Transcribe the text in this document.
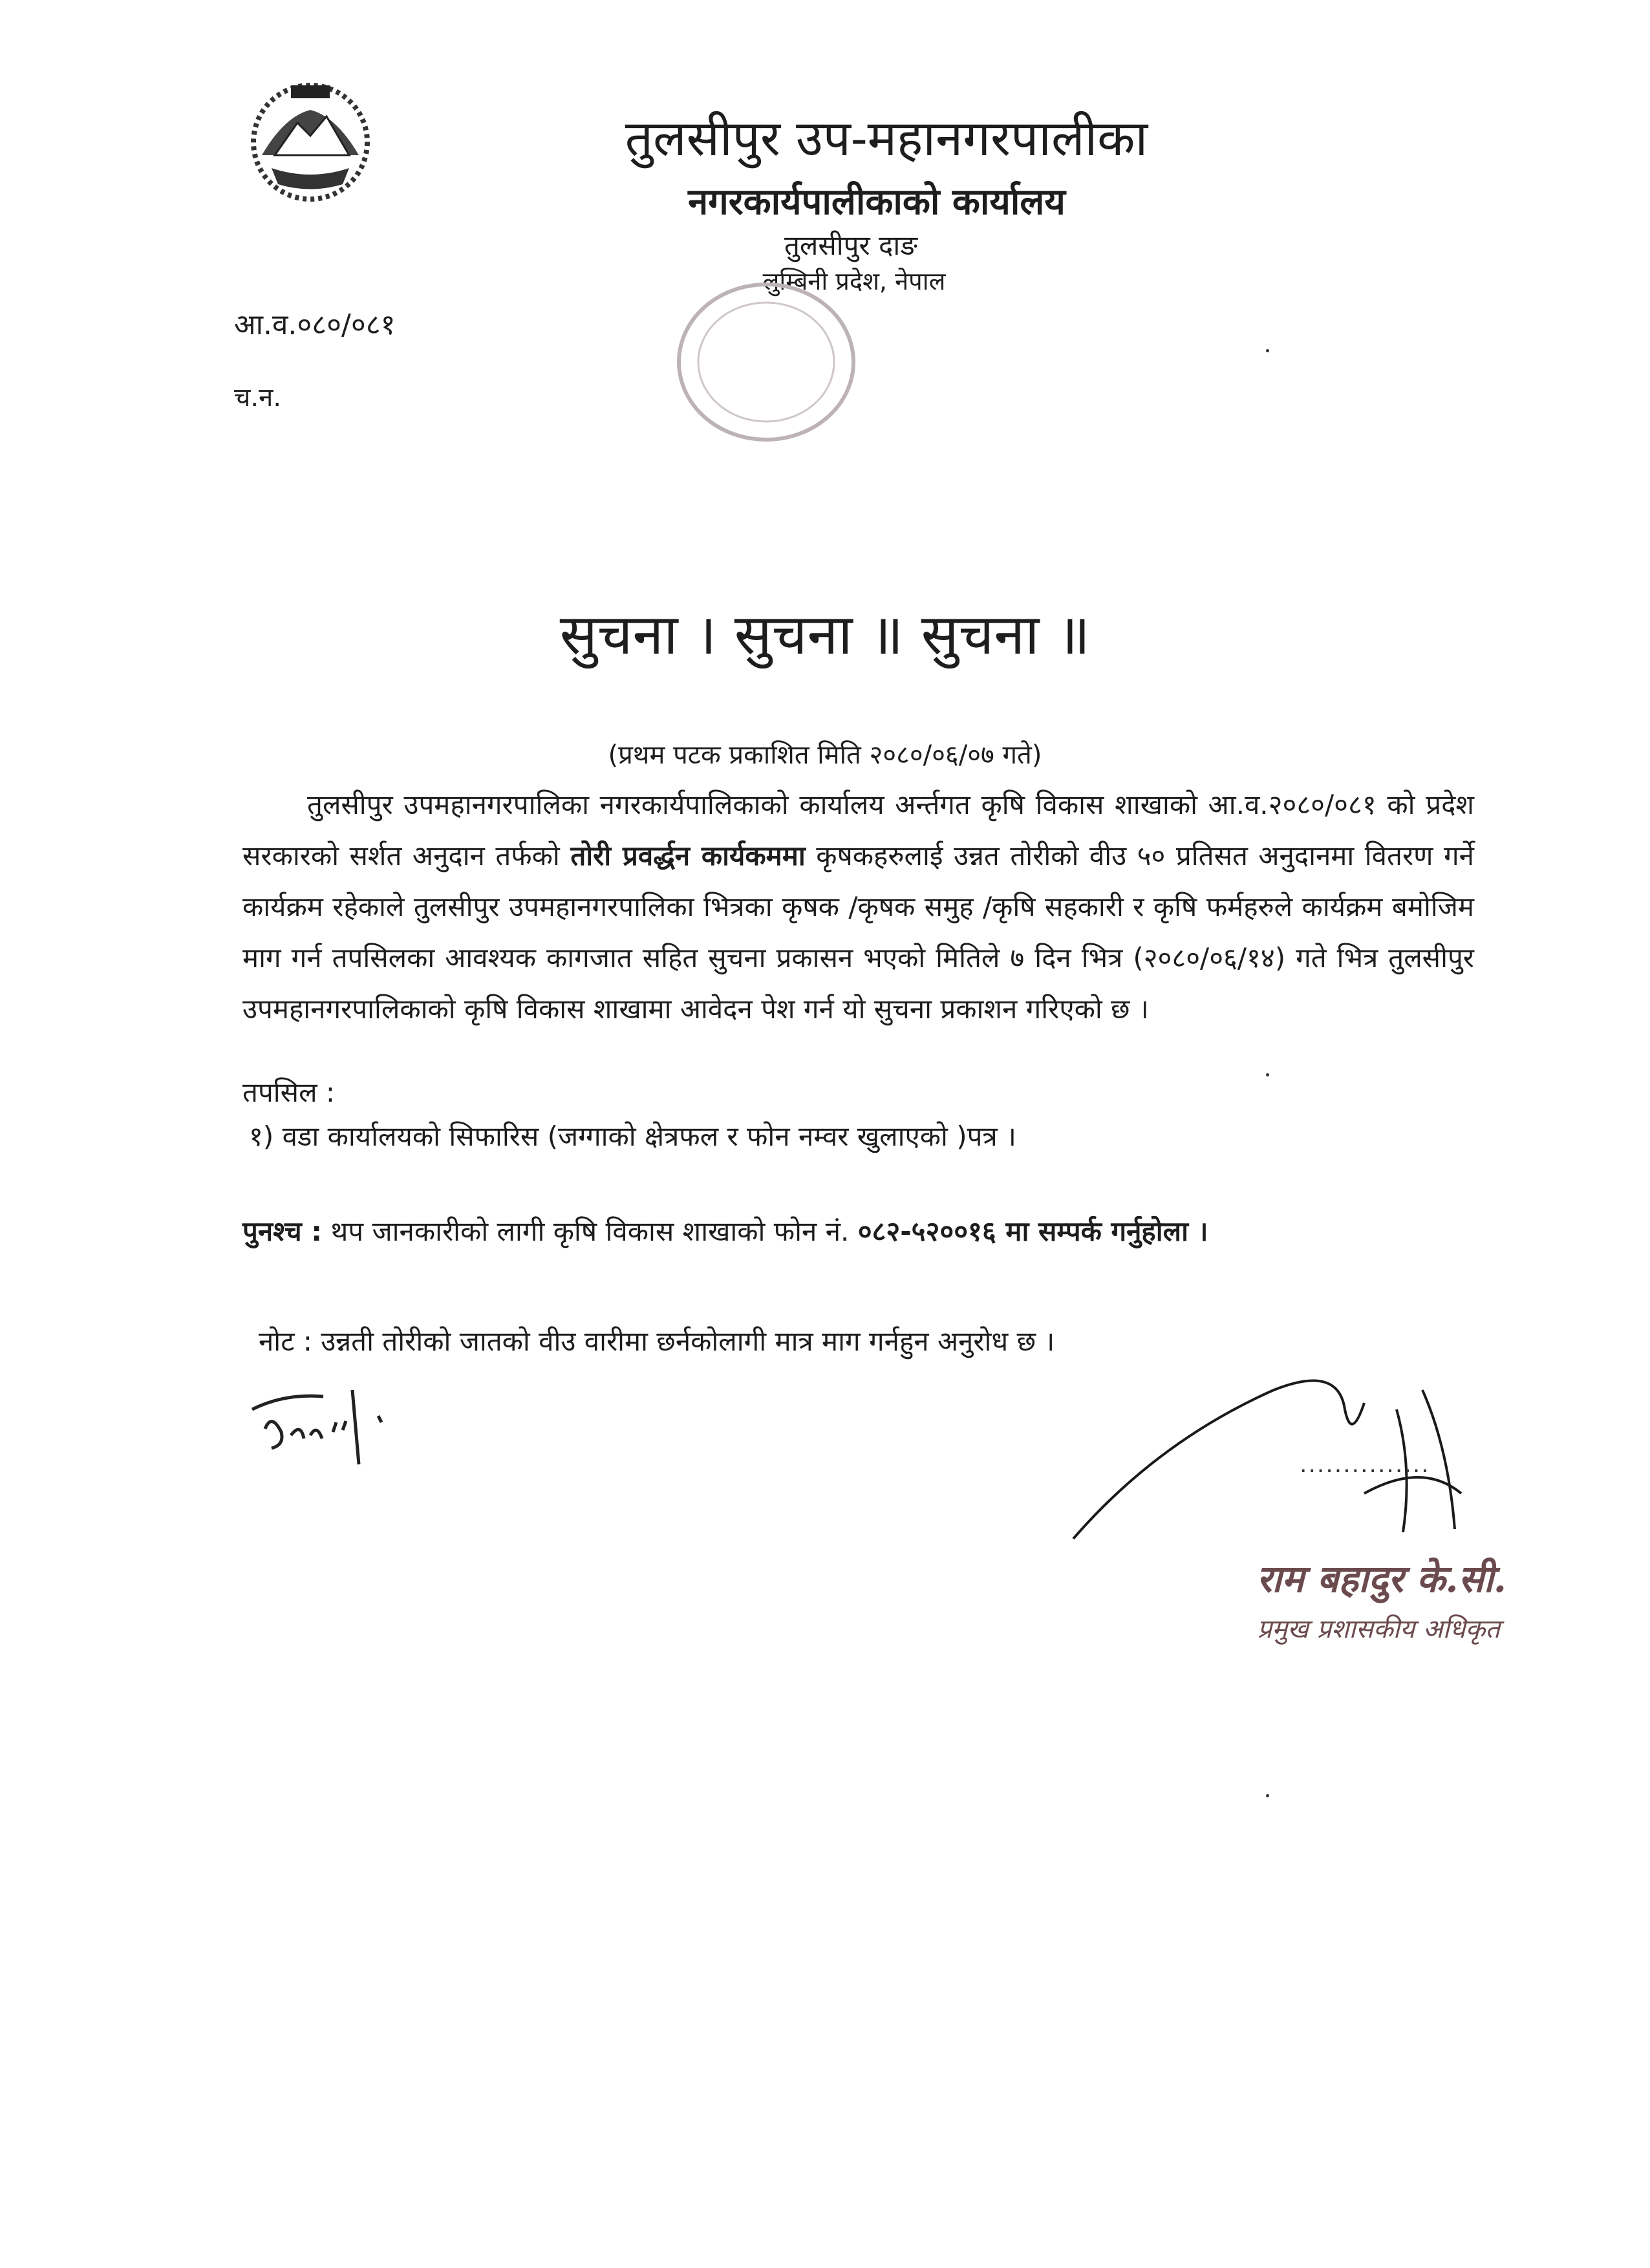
तुलसीपुर उप-महानगरपालीका
नगरकार्यपालीकाको कार्यालय
तुलसीपुर दाङ
लुम्बिनी प्रदेश, नेपाल
आ.व.०८०/०८१
च.न.
सुचना । सुचना ॥ सुचना ॥
(प्रथम पटक प्रकाशित मिति २०८०/०६/०७ गते)

तुलसीपुर उपमहानगरपालिका नगरकार्यपालिकाको कार्यालय अर्न्तगत कृषि विकास शाखाको आ.व.२०८०/०८१ को प्रदेश सरकारको सर्शत अनुदान तर्फको तोरी प्रवर्द्धन कार्यकममा कृषकहरुलाई उन्नत तोरीको वीउ ५० प्रतिसत अनुदानमा वितरण गर्ने कार्यक्रम रहेकाले तुलसीपुर उपमहानगरपालिका भित्रका कृषक /कृषक समुह /कृषि सहकारी र कृषि फर्महरुले कार्यक्रम बमोजिम माग गर्न तपसिलका आवश्यक कागजात सहित सुचना प्रकासन भएको मितिले ७ दिन भित्र (२०८०/०६/१४) गते भित्र तुलसीपुर उपमहानगरपालिकाको कृषि विकास शाखामा आवेदन पेश गर्न यो सुचना प्रकाशन गरिएको छ ।

तपसिल :
१) वडा कार्यालयको सिफारिस (जग्गाको क्षेत्रफल र फोन नम्वर खुलाएको )पत्र ।
पुनश्च : थप जानकारीको लागी कृषि विकास शाखाको फोन नं. ०८२-५२००१६ मा सम्पर्क गर्नुहोला ।
नोट : उन्नती तोरीको जातको वीउ वारीमा छर्नकोलागी मात्र माग गर्नहुन अनुरोध छ ।
...............
राम बहादुर के.सी.
प्रमुख प्रशासकीय अधिकृत
